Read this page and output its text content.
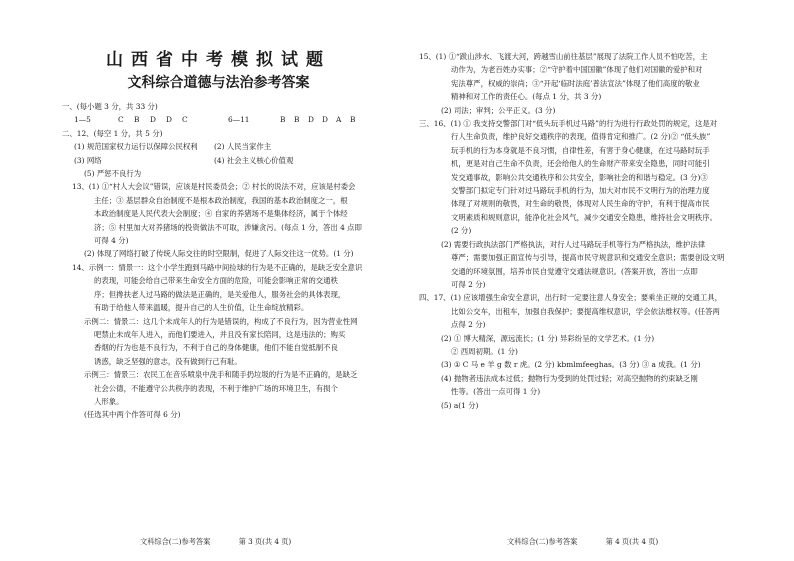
山西省中考模拟试题
文科综合道德与法治参考答案
一、(每小题 3 分，共 33 分)
1—5	C	B	D	D	C	6—11	B	B	D	D	A	B
二、12、(每空 1 分，共 5 分)
(1) 规范国家权力运行以保障公民权利	(2) 人民当家作主
(3) 网络	(4) 社会主义核心价值观
(5) 严惩不良行为
13、(1) ①“村人大会议”错误，应该是村民委员会；② 村长的说法不对，应该是村委会
主任；③ 基层群众自治制度不是根本政治制度，我国的基本政治制度之一，根
本政治制度是人民代表大会制度；④ 自家的养猪场不是集体经济，属于个体经
济；⑤ 村里加大对养猪场的投资做法不可取，涉嫌贪污。(每点 1 分，答出 4 点即
可得 4 分)
(2) 体现了网络打破了传统人际交往的时空限制，促进了人际交往这一优势。(1 分)
14、示例一：情景一：这个小学生跑到马路中间捡球的行为是不正确的，是缺乏安全意识
的表现，可能会给自己带来生命安全方面的危险，可能会影响正常的交通秩
序；但搀扶老人过马路的做法是正确的，是关爱他人，服务社会的具体表现，
有助于给他人带来温暖，提升自己的人生价值，让生命绽放精彩。
示例二：情景二：这几个未成年人的行为是错误的，构成了不良行为，因为营业性网
吧禁止未成年人进入，而他们要进入，并且没有家长陪同，这是违法的；购买
香烟的行为也是不良行为，不利于自己的身体健康，他们不能自觉抵制不良
诱惑，缺乏坚强的意志，没有做到行己有耻。
示例三：情景三：农民工在音乐喷泉中洗手和随手扔垃圾的行为是不正确的，是缺乏
社会公德，不能遵守公共秩序的表现，不利于维护广场的环境卫生，有损个
人形象。
(任选其中两个作答可得 6 分)
文科综合(二)参考答案	第 3 页(共 4 页)
15、(1) ①“跋山涉水、飞渡大河，跨越雪山前往基层”展现了法院工作人员不怕吃苦，主
动作为，为老百姓办实事；②“守护着中国国徽”体现了他们对国徽的爱护和对
宪法尊严，权威的崇尚；③“开起‘临时法庭’普法宣法”体现了他们高度的敬业
精神和对工作的责任心。(每点 1 分，共 3 分)
(2) 司法；审判；公平正义。(3 分)
三、16、(1) ① 我支持交警部门对“低头玩手机过马路”的行为进行行政处罚的规定，这是对
行人生命负责，维护良好交通秩序的表现，值得肯定和推广。(2 分)② “低头族”
玩手机的行为本身就是不良习惯，自律性差，有害于身心健康，在过马路时玩手
机，更是对自己生命不负责，还会给他人的生命财产带来安全隐患，同时可能引
发交通事故，影响公共交通秩序和公共安全，影响社会的和谐与稳定。(3 分)③
交警部门拟定专门针对过马路玩手机的行为，加大对市民不文明行为的治理力度
体现了对规则的敬畏，对生命的敬畏，体现对人民生命的守护，有利于提高市民
文明素质和规则意识，能净化社会风气，减少交通安全隐患，维持社会文明秩序。
(2 分)
(2) 需要行政执法部门严格执法，对行人过马路玩手机等行为严格执法，维护法律
尊严；需要加强正面宣传与引导，提高市民守规意识和交通安全意识；需要创设文明
交通的环境氛围，培养市民自觉遵守交通法规意识。(答案开放，答出一点即
可得 2 分)
四、17、(1) 应该增强生命安全意识，出行时一定要注意人身安全；要乘坐正规的交通工具，
比如公交车，出租车，加强自我保护；要提高维权意识，学会依法维权等。(任答两
点得 2 分)
(2) ① 博大精深，源远流长；(1 分) 异彩纷呈的文学艺术。(1 分)
② 西周初期。(1 分)
(3) ① C 马 e 羊 g 数 r 虎。(2 分) kbmlmfeeghas。(3 分) ③ a 成我。(1 分)
(4) 抛物者违法成本过低；抛物行为受到的处罚过轻；对高空抛物的约束缺乏刚
性等。(答出一点可得 1 分)
(5) a(1 分)
文科综合(二)参考答案	第 4 页(共 4 页)
